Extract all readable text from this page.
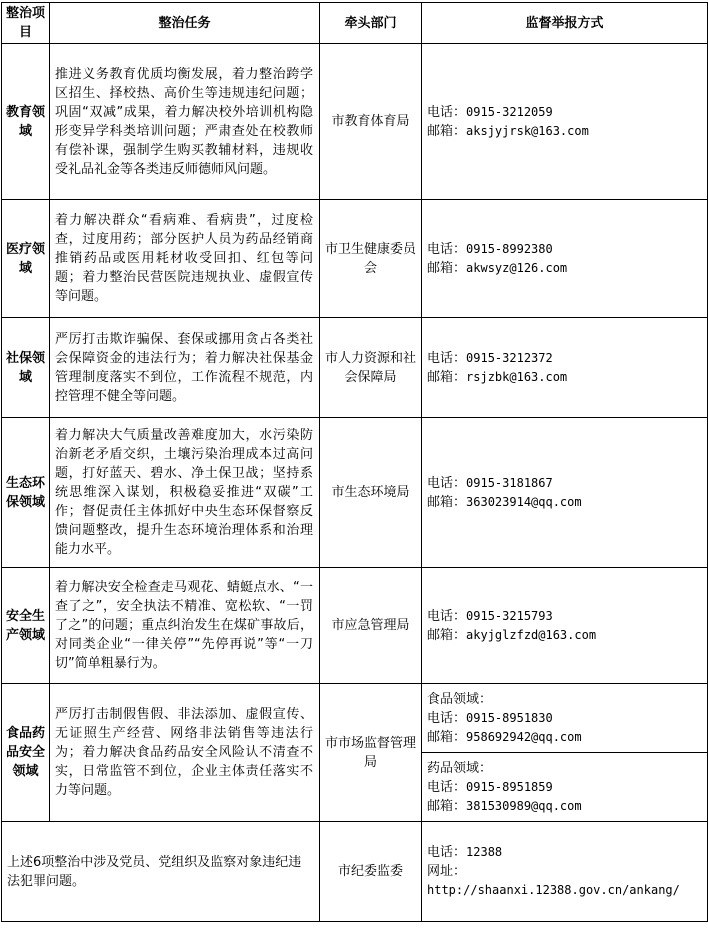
整治项目	整治任务	牵头部门	监督举报方式
教育领域	推进义务教育优质均衡发展，着力整治跨学区招生、择校热、高价生等违规违纪问题；巩固“双减”成果，着力解决校外培训机构隐形变异学科类培训问题；严肃查处在校教师有偿补课，强制学生购买教辅材料，违规收受礼品礼金等各类违反师德师风问题。	市教育体育局	电话：0915-3212059
邮箱：aksjyjrsk@163.com

医疗领域	着力解决群众“看病难、看病贵”，过度检查，过度用药；部分医护人员为药品经销商推销药品或医用耗材收受回扣、红包等问题；着力整治民营医院违规执业、虚假宣传等问题。	市卫生健康委员会	电话：0915-8992380
邮箱：akwsyz@126.com

社保领域	严厉打击欺诈骗保、套保或挪用贪占各类社会保障资金的违法行为；着力解决社保基金管理制度落实不到位，工作流程不规范，内控管理不健全等问题。	市人力资源和社会保障局	电话：0915-3212372
邮箱：rsjzbk@163.com

生态环保领域	着力解决大气质量改善难度加大，水污染防治新老矛盾交织，土壤污染治理成本过高问题，打好蓝天、碧水、净土保卫战；坚持系统思维深入谋划，积极稳妥推进“双碳”工作；督促责任主体抓好中央生态环保督察反馈问题整改，提升生态环境治理体系和治理能力水平。	市生态环境局	电话：0915-3181867
邮箱：363023914@qq.com

安全生产领域	着力解决安全检查走马观花、蜻蜓点水、“一查了之”，安全执法不精准、宽松软、“一罚了之”的问题；重点纠治发生在煤矿事故后，对同类企业“一律关停”“先停再说”等“一刀切”简单粗暴行为。	市应急管理局	电话：0915-3215793
邮箱：akyjglzfzd@163.com

食品药品安全领域	严厉打击制假售假、非法添加、虚假宣传、无证照生产经营、网络非法销售等违法行为；着力解决食品药品安全风险认不清查不实，日常监管不到位，企业主体责任落实不力等问题。	市市场监督管理局	食品领域：
电话：0915-8951830
邮箱：958692942@qq.com

			药品领域：
电话：0915-8951859
邮箱：381530989@qq.com

上述6项整治中涉及党员、党组织及监察对象违纪违法犯罪问题。		市纪委监委	电话：12388
网址：
http://shaanxi.12388.gov.cn/ankang/
